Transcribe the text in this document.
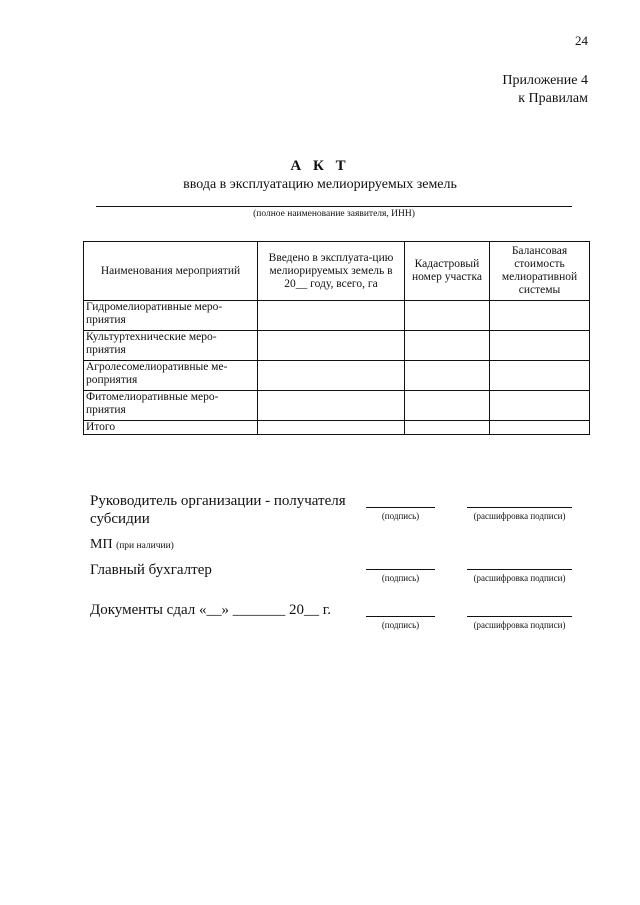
24
Приложение 4
к Правилам
А К Т
ввода в эксплуатацию мелиорируемых земель
(полное наименование заявителя, ИНН)
Наименования мероприятий	Введено в эксплуата-цию мелиорируемых земель в 20__ году, всего, га	Кадастровый номер участка	Балансовая стоимость мелиоративной системы
Гидромелиоративные меро-приятия			
Культуртехнические меро-приятия			
Агролесомелиоративные ме-роприятия			
Фитомелиоративные меро-приятия			
Итого			
Руководитель организации - получателя
субсидии	(подпись)	(расшифровка подписи)
МП (при наличии)
Главный бухгалтер	(подпись)	(расшифровка подписи)
Документы сдал «__» _______ 20__ г.
(подпись)	(расшифровка подписи)
